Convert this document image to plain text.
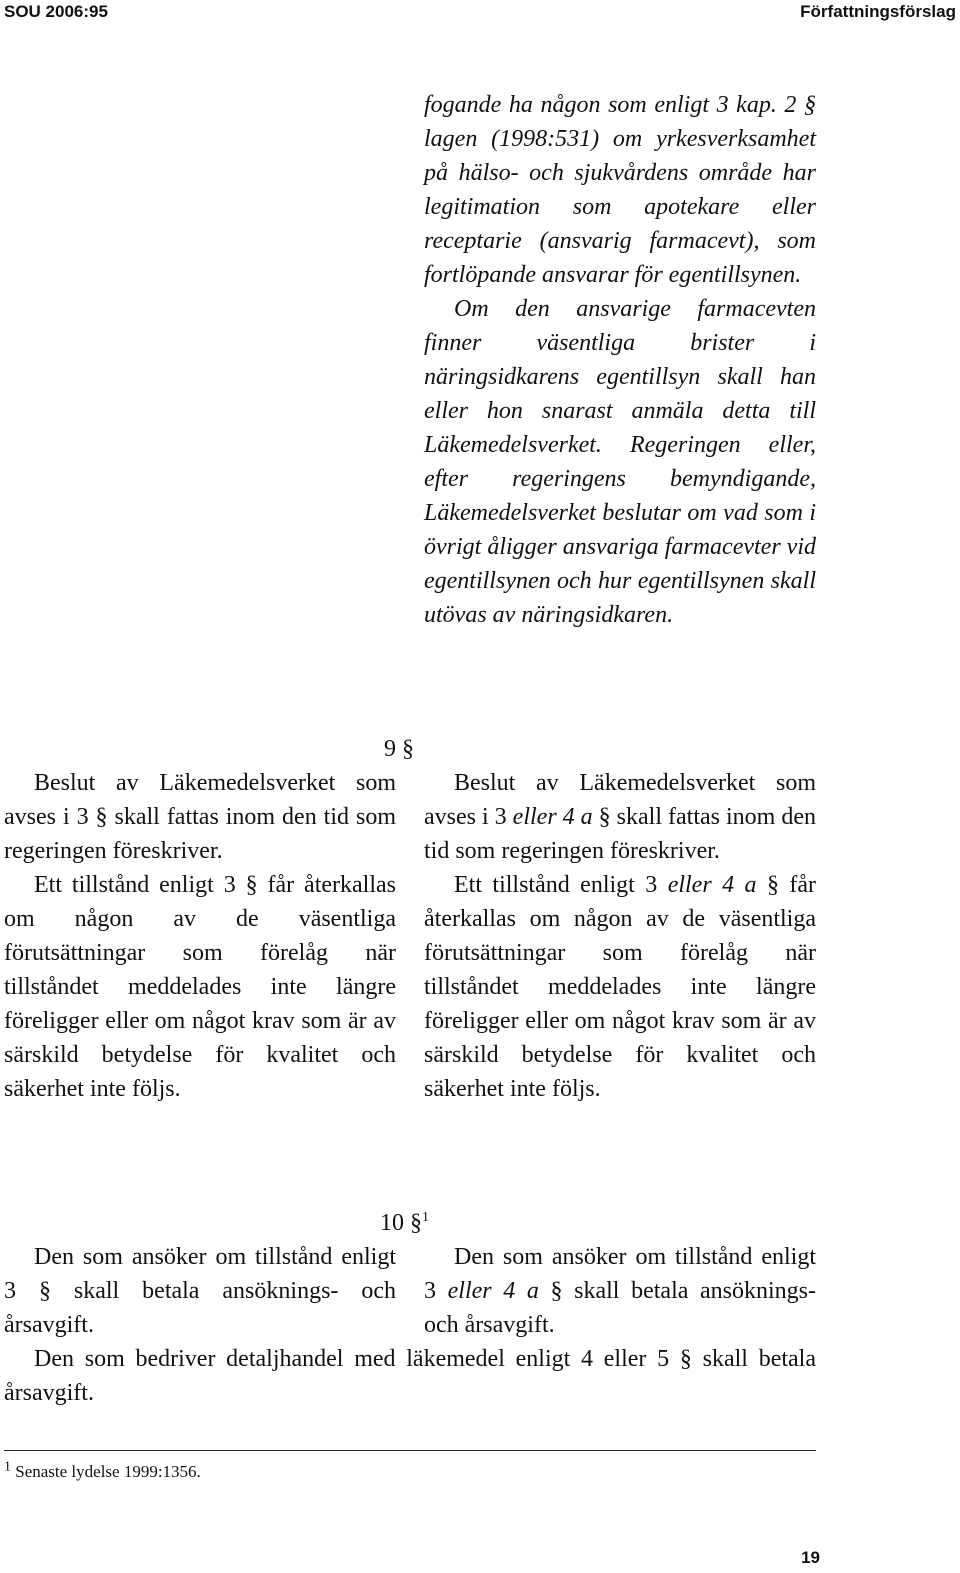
SOU 2006:95	Författningsförslag

fogande ha någon som enligt 3 kap. 2 § lagen (1998:531) om yrkesverksamhet på hälso- och sjukvårdens område har legitimation som apotekare eller receptarie (ansvarig farmacevt), som fortlöpande ansvarar för egentillsynen.

Om den ansvarige farmacevten finner väsentliga brister i näringsidkarens egentillsyn skall han eller hon snarast anmäla detta till Läkemedelsverket. Regeringen eller, efter regeringens bemyndigande, Läkemedelsverket beslutar om vad som i övrigt åligger ansvariga farmacevter vid egentillsynen och hur egentillsynen skall utövas av näringsidkaren.

9 §

Beslut av Läkemedelsverket som avses i 3 § skall fattas inom den tid som regeringen föreskriver.

Ett tillstånd enligt 3 § får återkallas om någon av de väsentliga förutsättningar som förelåg när tillståndet meddelades inte längre föreligger eller om något krav som är av särskild betydelse för kvalitet och säkerhet inte följs.

Beslut av Läkemedelsverket som avses i 3 eller 4 a § skall fattas inom den tid som regeringen föreskriver.

Ett tillstånd enligt 3 eller 4 a § får återkallas om någon av de väsentliga förutsättningar som förelåg när tillståndet meddelades inte längre föreligger eller om något krav som är av särskild betydelse för kvalitet och säkerhet inte följs.

10 §$^1$

Den som ansöker om tillstånd enligt 3 § skall betala ansöknings- och årsavgift.

Den som ansöker om tillstånd enligt 3 eller 4 a § skall betala ansöknings- och årsavgift.

Den som bedriver detaljhandel med läkemedel enligt 4 eller 5 § skall betala årsavgift.

$^1$ Senaste lydelse 1999:1356.
19
